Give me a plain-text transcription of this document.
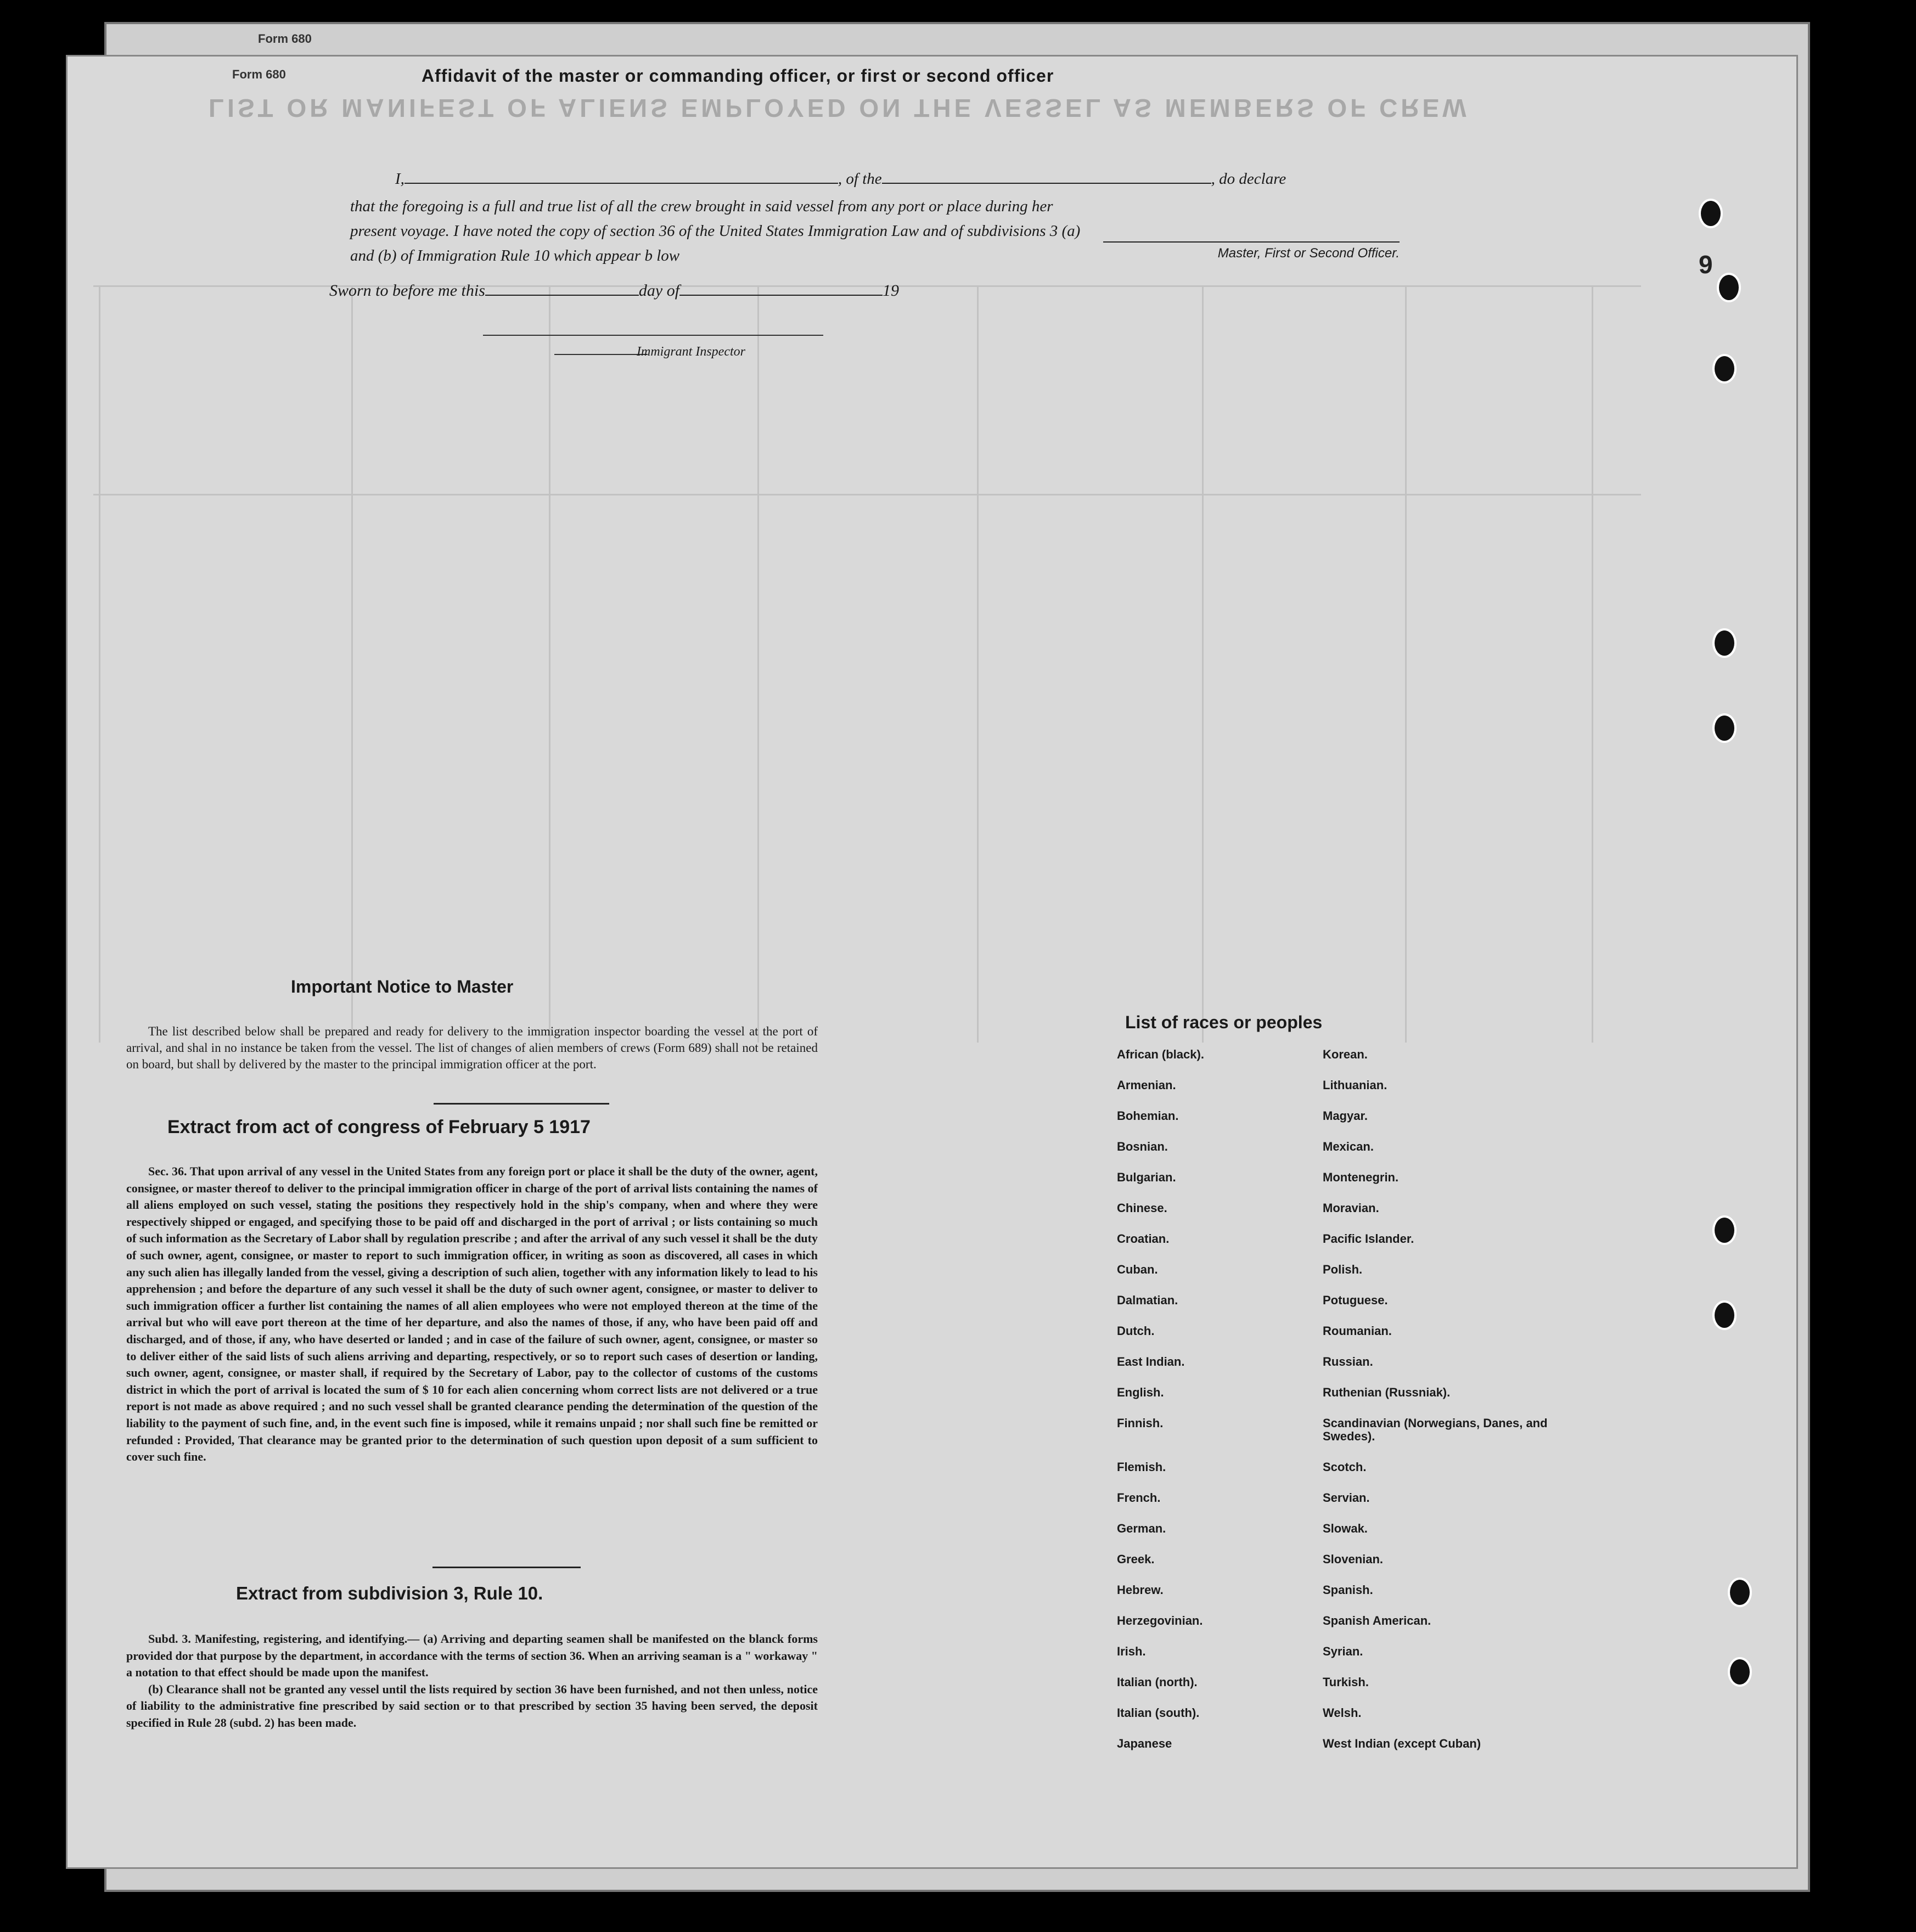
Form 680
Form 680
LIST OR MANIFEST OF ALIENS EMPLOYED ON THE VESSEL AS MEMBERS OF CREW
9
Affidavit of the master or commanding officer, or first or second officer
I,	, of the	, do declare
that the foregoing is a full and true list of all the crew brought in said vessel from any port or place during her
present voyage. I have noted the copy of section 36 of the United States Immigration Law and of subdivisions 3 (a)
and (b) of Immigration Rule 10 which appear b low	Master, First or Second Officer.
Sworn to before me this	day of	19
Immigrant Inspector
Important Notice to Master
The list described below shall be prepared and ready for delivery to the immigration inspector boarding the vessel at the port of arrival, and shal in no instance be taken from the vessel. The list of changes of alien members of crews (Form 689) shall not be retained on board, but shall by delivered by the master to the principal immigration officer at the port.
Extract from act of congress of February 5 1917
Sec. 36. That upon arrival of any vessel in the United States from any foreign port or place it shall be the duty of the owner, agent, consignee, or master thereof to deliver to the principal immigration officer in charge of the port of arrival lists containing the names of all aliens employed on such vessel, stating the positions they respectively hold in the ship's company, when and where they were respectively shipped or engaged, and specifying those to be paid off and discharged in the port of arrival ; or lists containing so much of such information as the Secretary of Labor shall by regulation prescribe ; and after the arrival of any such vessel it shall be the duty of such owner, agent, consignee, or master to report to such immigration officer, in writing as soon as discovered, all cases in which any such alien has illegally landed from the vessel, giving a description of such alien, together with any information likely to lead to his apprehension ; and before the departure of any such vessel it shall be the duty of such owner agent, consignee, or master to deliver to such immigration officer a further list containing the names of all alien employees who were not employed thereon at the time of the arrival but who will eave port thereon at the time of her departure, and also the names of those, if any, who have been paid off and discharged, and of those, if any, who have deserted or landed ; and in case of the failure of such owner, agent, consignee, or master so to deliver either of the said lists of such aliens arriving and departing, respectively, or so to report such cases of desertion or landing, such owner, agent, consignee, or master shall, if required by the Secretary of Labor, pay to the collector of customs of the customs district in which the port of arrival is located the sum of $ 10 for each alien concerning whom correct lists are not delivered or a true report is not made as above required ; and no such vessel shall be granted clearance pending the determination of the question of the liability to the payment of such fine, and, in the event such fine is imposed, while it remains unpaid ; nor shall such fine be remitted or refunded : Provided, That clearance may be granted prior to the determination of such question upon deposit of a sum sufficient to cover such fine.
Extract from subdivision 3, Rule 10.

Subd. 3. Manifesting, registering, and identifying.— (a) Arriving and departing seamen shall be manifested on the blanck forms provided dor that purpose by the department, in accordance with the terms of section 36. When an arriving seaman is a " workaway " a notation to that effect should be made upon the manifest.

(b) Clearance shall not be granted any vessel until the lists required by section 36 have been furnished, and not then unless, notice of liability to the administrative fine prescribed by said section or to that prescribed by section 35 having been served, the deposit specified in Rule 28 (subd. 2) has been made.

List of races or peoples
African (black).
Armenian.
Bohemian.
Bosnian.
Bulgarian.
Chinese.
Croatian.
Cuban.
Dalmatian.
Dutch.
East Indian.
English.
Finnish.
Flemish.
French.
German.
Greek.
Hebrew.
Herzegovinian.
Irish.
Italian (north).
Italian (south).
Japanese
Korean.
Lithuanian.
Magyar.
Mexican.
Montenegrin.
Moravian.
Pacific Islander.
Polish.
Potuguese.
Roumanian.
Russian.
Ruthenian (Russniak).
Scandinavian (Norwegians, Danes, and Swedes).
Scotch.
Servian.
Slowak.
Slovenian.
Spanish.
Spanish American.
Syrian.
Turkish.
Welsh.
West Indian (except Cuban)
